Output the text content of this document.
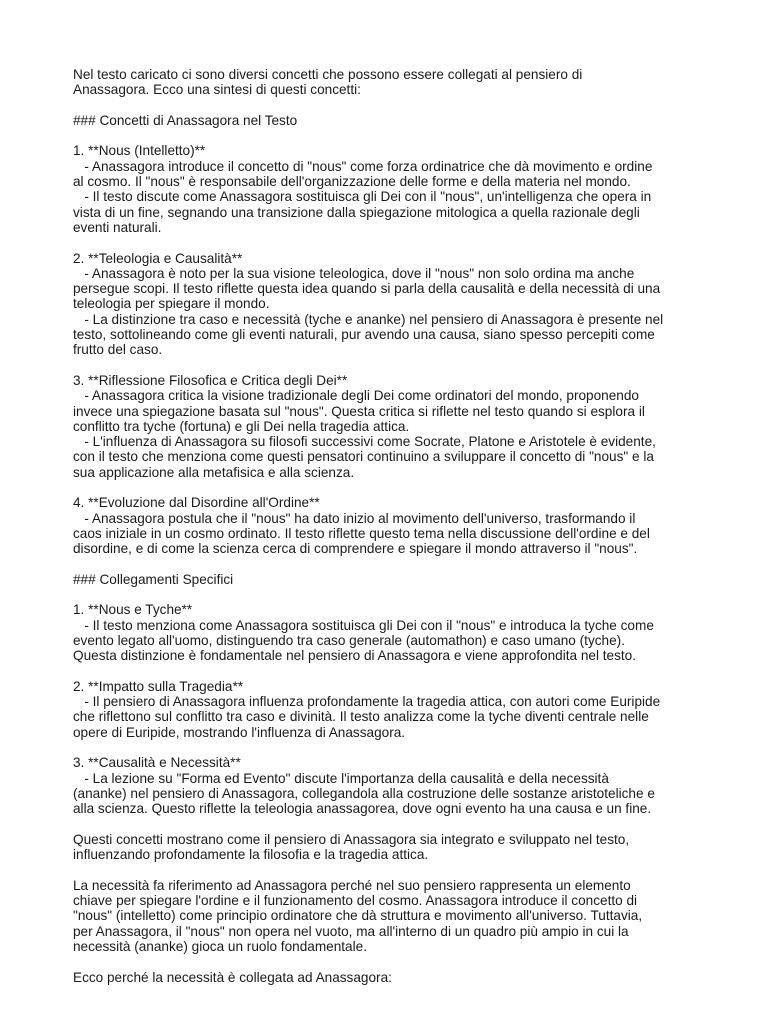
Nel testo caricato ci sono diversi concetti che possono essere collegati al pensiero di
Anassagora. Ecco una sintesi di questi concetti:
### Concetti di Anassagora nel Testo
1. **Nous (Intelletto)**
- Anassagora introduce il concetto di "nous" come forza ordinatrice che dà movimento e ordine
al cosmo. Il "nous" è responsabile dell'organizzazione delle forme e della materia nel mondo.
- Il testo discute come Anassagora sostituisca gli Dei con il "nous", un'intelligenza che opera in
vista di un fine, segnando una transizione dalla spiegazione mitologica a quella razionale degli
eventi naturali.
2. **Teleologia e Causalità**
- Anassagora è noto per la sua visione teleologica, dove il "nous" non solo ordina ma anche
persegue scopi. Il testo riflette questa idea quando si parla della causalità e della necessità di una
teleologia per spiegare il mondo.
- La distinzione tra caso e necessità (tyche e ananke) nel pensiero di Anassagora è presente nel
testo, sottolineando come gli eventi naturali, pur avendo una causa, siano spesso percepiti come
frutto del caso.
3. **Riflessione Filosofica e Critica degli Dei**
- Anassagora critica la visione tradizionale degli Dei come ordinatori del mondo, proponendo
invece una spiegazione basata sul "nous". Questa critica si riflette nel testo quando si esplora il
conflitto tra tyche (fortuna) e gli Dei nella tragedia attica.
- L'influenza di Anassagora su filosofi successivi come Socrate, Platone e Aristotele è evidente,
con il testo che menziona come questi pensatori continuino a sviluppare il concetto di "nous" e la
sua applicazione alla metafisica e alla scienza.
4. **Evoluzione dal Disordine all'Ordine**
- Anassagora postula che il "nous" ha dato inizio al movimento dell'universo, trasformando il
caos iniziale in un cosmo ordinato. Il testo riflette questo tema nella discussione dell'ordine e del
disordine, e di come la scienza cerca di comprendere e spiegare il mondo attraverso il "nous".
### Collegamenti Specifici
1. **Nous e Tyche**
- Il testo menziona come Anassagora sostituisca gli Dei con il "nous" e introduca la tyche come
evento legato all'uomo, distinguendo tra caso generale (automathon) e caso umano (tyche).
Questa distinzione è fondamentale nel pensiero di Anassagora e viene approfondita nel testo.
2. **Impatto sulla Tragedia**
- Il pensiero di Anassagora influenza profondamente la tragedia attica, con autori come Euripide
che riflettono sul conflitto tra caso e divinità. Il testo analizza come la tyche diventi centrale nelle
opere di Euripide, mostrando l'influenza di Anassagora.
3. **Causalità e Necessità**
- La lezione su "Forma ed Evento" discute l'importanza della causalità e della necessità
(ananke) nel pensiero di Anassagora, collegandola alla costruzione delle sostanze aristoteliche e
alla scienza. Questo riflette la teleologia anassagorea, dove ogni evento ha una causa e un fine.
Questi concetti mostrano come il pensiero di Anassagora sia integrato e sviluppato nel testo,
influenzando profondamente la filosofia e la tragedia attica.
La necessità fa riferimento ad Anassagora perché nel suo pensiero rappresenta un elemento
chiave per spiegare l'ordine e il funzionamento del cosmo. Anassagora introduce il concetto di
"nous" (intelletto) come principio ordinatore che dà struttura e movimento all'universo. Tuttavia,
per Anassagora, il "nous" non opera nel vuoto, ma all'interno di un quadro più ampio in cui la
necessità (ananke) gioca un ruolo fondamentale.
Ecco perché la necessità è collegata ad Anassagora:
